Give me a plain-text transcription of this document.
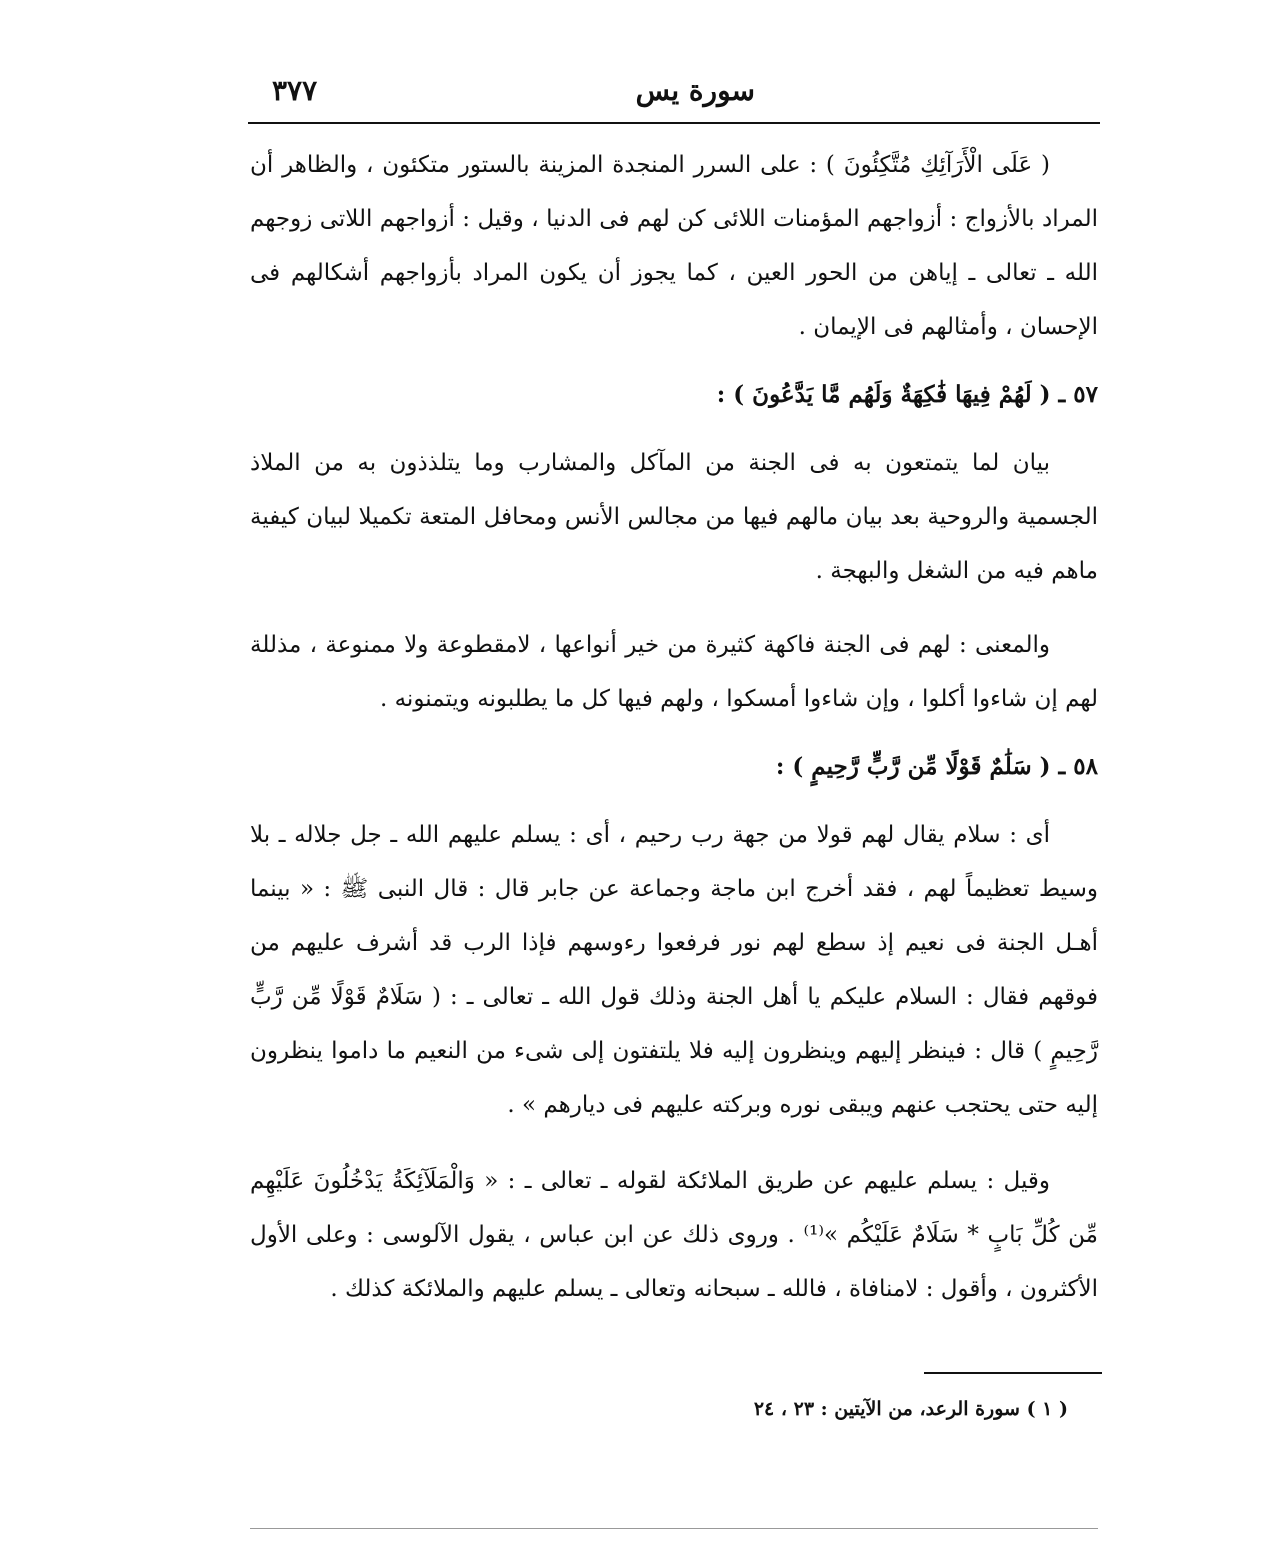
سورة يس
٣٧٧

( عَلَى الْأَرَآئِكِ مُتَّكِئُونَ ) : على السرر المنجدة المزينة بالستور متكئون ، والظاهر أن المراد بالأزواج : أزواجهم المؤمنات اللائى كن لهم فى الدنيا ، وقيل : أزواجهم اللاتى زوجهم الله ـ تعالى ـ إياهن من الحور العين ، كما يجوز أن يكون المراد بأزواجهم أشكالهم فى الإحسان ، وأمثالهم فى الإيمان .

٥٧ ـ ( لَهُمْ فِيهَا فَٰكِهَةٌ وَلَهُم مَّا يَدَّعُونَ ) :

بيان لما يتمتعون به فى الجنة من المآكل والمشارب وما يتلذذون به من الملاذ الجسمية والروحية بعد بيان مالهم فيها من مجالس الأنس ومحافل المتعة تكميلا لبيان كيفية ماهم فيه من الشغل والبهجة .

والمعنى : لهم فى الجنة فاكهة كثيرة من خير أنواعها ، لامقطوعة ولا ممنوعة ، مذللة لهم إن شاءوا أكلوا ، وإن شاءوا أمسكوا ، ولهم فيها كل ما يطلبونه ويتمنونه .

٥٨ ـ ( سَلَٰمٌ قَوْلًا مِّن رَّبٍّ رَّحِيمٍ ) :

أى : سلام يقال لهم قولا من جهة رب رحيم ، أى : يسلم عليهم الله ـ جل جلاله ـ بلا وسيط تعظيماً لهم ، فقد أخرج ابن ماجة وجماعة عن جابر قال : قال النبى ﷺ : « بينما أهـل الجنة فى نعيم إذ سطع لهم نور فرفعوا رءوسهم فإذا الرب قد أشرف عليهم من فوقهم فقال : السلام عليكم يا أهل الجنة وذلك قول الله ـ تعالى ـ : ( سَلَامٌ قَوْلًا مِّن رَّبٍّ رَّحِيمٍ ) قال : فينظر إليهم وينظرون إليه فلا يلتفتون إلى شىء من النعيم ما داموا ينظرون إليه حتى يحتجب عنهم ويبقى نوره وبركته عليهم فى ديارهم » .

وقيل : يسلم عليهم عن طريق الملائكة لقوله ـ تعالى ـ : « وَالْمَلَآئِكَةُ يَدْخُلُونَ عَلَيْهِم مِّن كُلِّ بَابٍ * سَلَامٌ عَلَيْكُم »⁽¹⁾ . وروى ذلك عن ابن عباس ، يقول الآلوسى : وعلى الأول الأكثرون ، وأقول : لامنافاة ، فالله ـ سبحانه وتعالى ـ يسلم عليهم والملائكة كذلك .

( ١ ) سورة الرعد، من الآيتين : ٢٣ ، ٢٤
